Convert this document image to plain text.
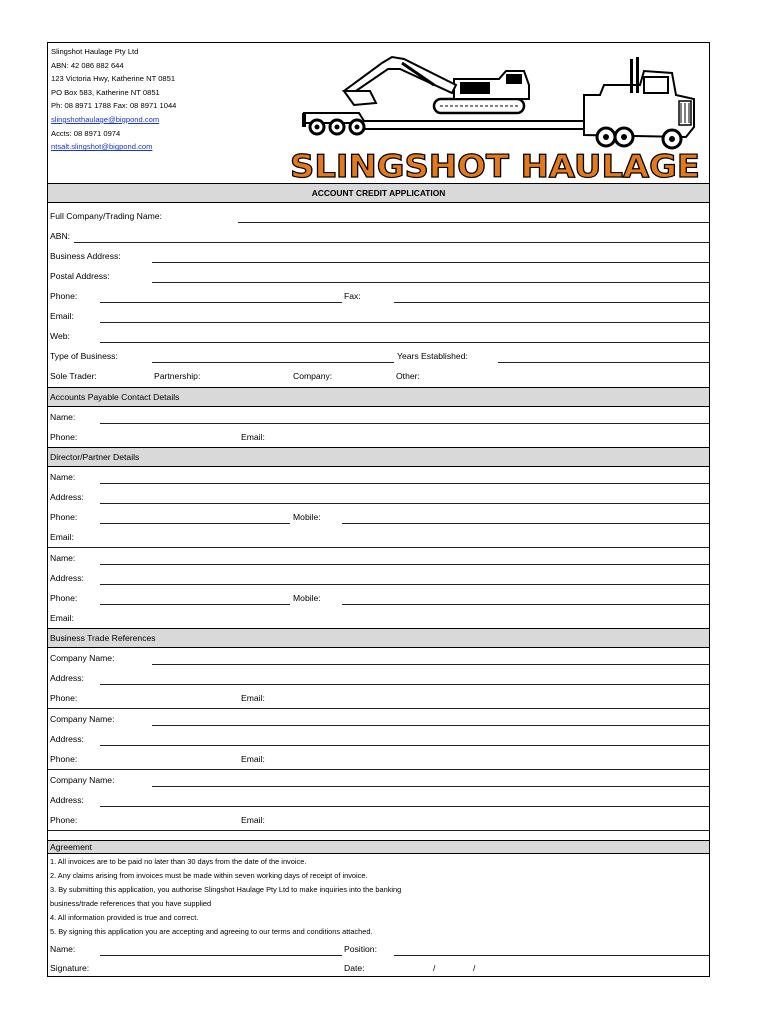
Slingshot Haulage Pty Ltd
ABN: 42 086 882 644
123 Victoria Hwy, Katherine NT 0851
PO Box 583, Katherine NT 0851
Ph: 08 8971 1788 Fax: 08 8971 1044
slingshothaulage@bigpond.com
Accts: 08 8971 0974
ntsalt.slingshot@bigpond.com
SLINGSHOT HAULAGE
ACCOUNT CREDIT APPLICATION
Full Company/Trading Name:
ABN:
Business Address:
Postal Address:
Phone:	Fax:
Email:
Web:
Type of Business:	Years Established:
Sole Trader:	Partnership:	Company:	Other:
Accounts Payable Contact Details
Name:
Phone:	Email:
Director/Partner Details
Name:
Address:
Phone:	Mobile:
Email:
Name:
Address:
Phone:	Mobile:
Email:
Business Trade References
Company Name:
Address:
Phone:	Email:
Company Name:
Address:
Phone:	Email:
Company Name:
Address:
Phone:	Email:
Agreement
1. All invoices are to be paid no later than 30 days from the date of the invoice.
2. Any claims arising from invoices must be made within seven working days of receipt of invoice.
3. By submitting this application, you authorise Slingshot Haulage Pty Ltd to make inquiries into the banking
business/trade references that you have supplied
4. All information provided is true and correct.
5. By signing this application you are accepting and agreeing to our terms and conditions attached.
Name:	Position:
Signature:	Date:	/	/
